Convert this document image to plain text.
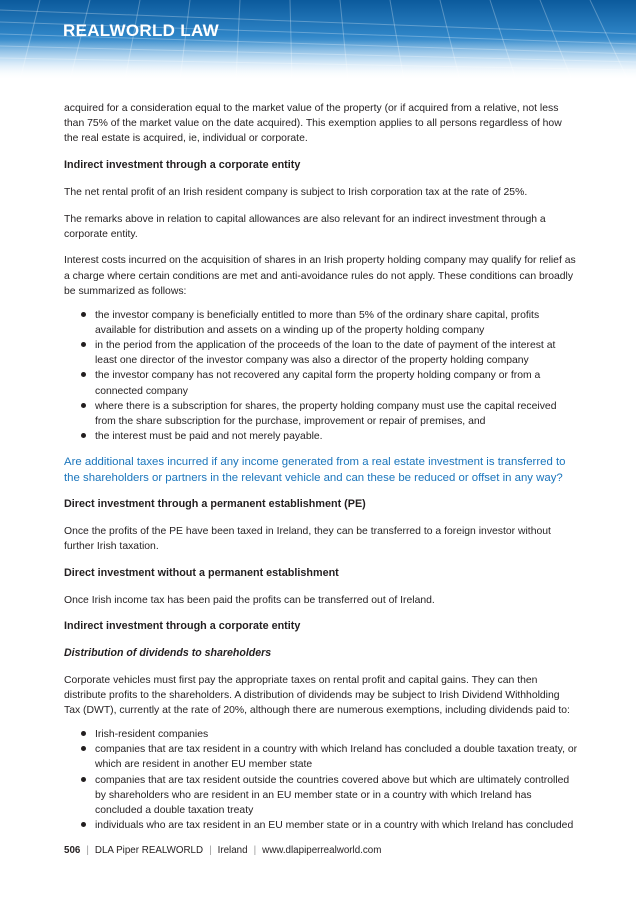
REALWORLD LAW

acquired for a consideration equal to the market value of the property (or if acquired from a relative, not less than 75% of the market value on the date acquired). This exemption applies to all persons regardless of how the real estate is acquired, ie, individual or corporate.

Indirect investment through a corporate entity

The net rental profit of an Irish resident company is subject to Irish corporation tax at the rate of 25%.

The remarks above in relation to capital allowances are also relevant for an indirect investment through a corporate entity.

Interest costs incurred on the acquisition of shares in an Irish property holding company may qualify for relief as a charge where certain conditions are met and anti-avoidance rules do not apply. These conditions can broadly be summarized as follows:

the investor company is beneficially entitled to more than 5% of the ordinary share capital, profits available for distribution and assets on a winding up of the property holding company
in the period from the application of the proceeds of the loan to the date of payment of the interest at least one director of the investor company was also a director of the property holding company
the investor company has not recovered any capital form the property holding company or from a connected company
where there is a subscription for shares, the property holding company must use the capital received from the share subscription for the purchase, improvement or repair of premises, and
the interest must be paid and not merely payable.

Are additional taxes incurred if any income generated from a real estate investment is transferred to the shareholders or partners in the relevant vehicle and can these be reduced or offset in any way?

Direct investment through a permanent establishment (PE)

Once the profits of the PE have been taxed in Ireland, they can be transferred to a foreign investor without further Irish taxation.

Direct investment without a permanent establishment

Once Irish income tax has been paid the profits can be transferred out of Ireland.

Indirect investment through a corporate entity
Distribution of dividends to shareholders

Corporate vehicles must first pay the appropriate taxes on rental profit and capital gains. They can then distribute profits to the shareholders. A distribution of dividends may be subject to Irish Dividend Withholding Tax (DWT), currently at the rate of 20%, although there are numerous exemptions, including dividends paid to:

Irish-resident companies
companies that are tax resident in a country with which Ireland has concluded a double taxation treaty, or which are resident in another EU member state
companies that are tax resident outside the countries covered above but which are ultimately controlled by shareholders who are resident in an EU member state or in a country with which Ireland has concluded a double taxation treaty
individuals who are tax resident in an EU member state or in a country with which Ireland has concluded
506 | DLA Piper REALWORLD | Ireland | www.dlapiperrealworld.com
